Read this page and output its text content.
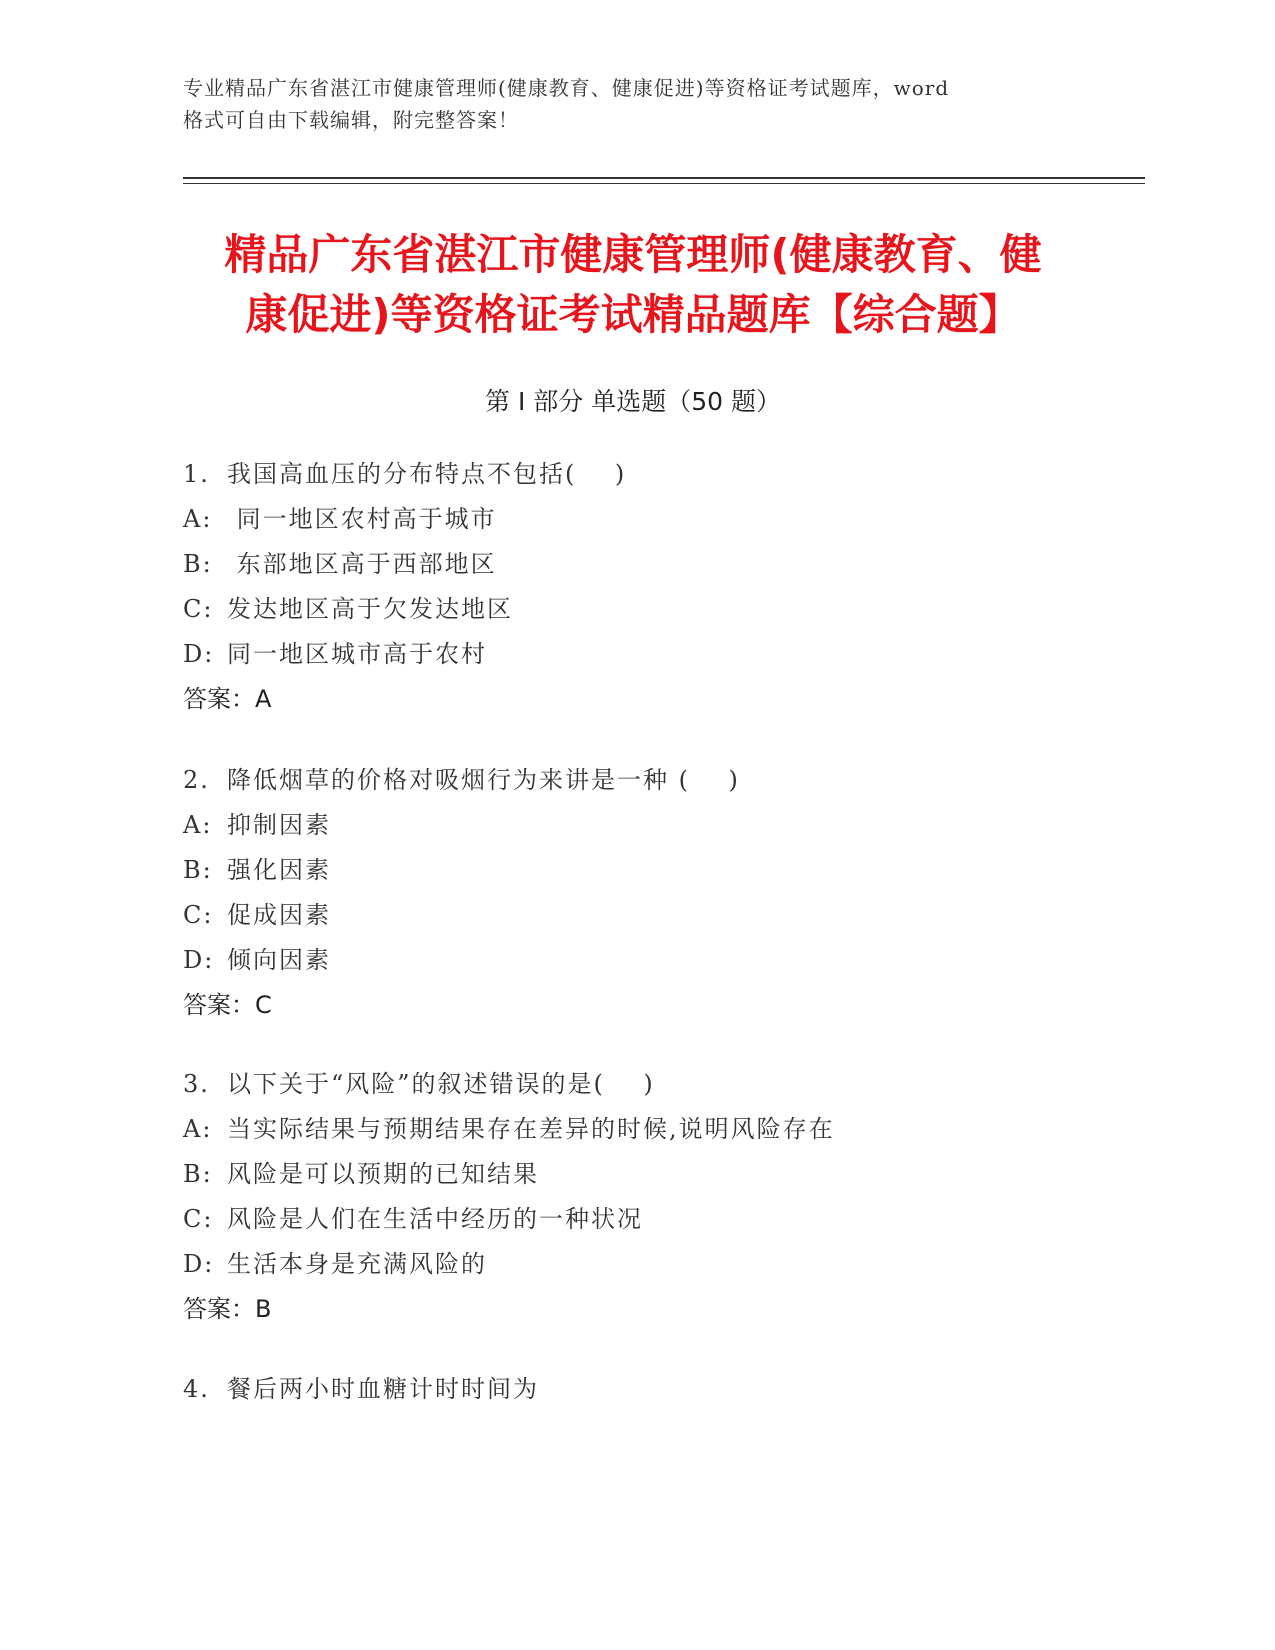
专业精品广东省湛江市健康管理师(健康教育、健康促进)等资格证考试题库，word
格式可自由下载编辑，附完整答案！
精品广东省湛江市健康管理师(健康教育、健
康促进)等资格证考试精品题库【综合题】
第 I 部分 单选题（50 题）
1. 我国高血压的分布特点不包括(    )
A: 同一地区农村高于城市
B: 东部地区高于西部地区
C: 发达地区高于欠发达地区
D: 同一地区城市高于农村
答案：A
2. 降低烟草的价格对吸烟行为来讲是一种 (    )
A: 抑制因素
B: 强化因素
C: 促成因素
D: 倾向因素
答案：C
3. 以下关于“风险”的叙述错误的是(    )
A: 当实际结果与预期结果存在差异的时候,说明风险存在
B: 风险是可以预期的已知结果
C: 风险是人们在生活中经历的一种状况
D: 生活本身是充满风险的
答案：B
4. 餐后两小时血糖计时时间为
